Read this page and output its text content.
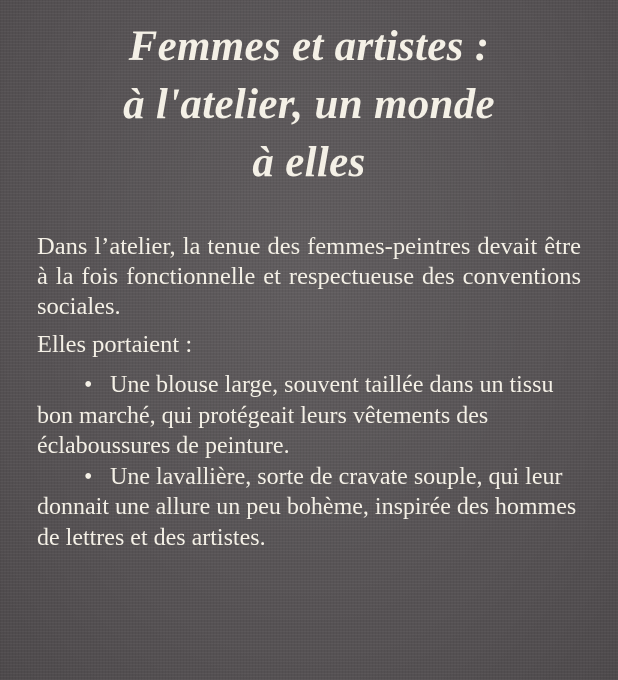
Femmes et artistes :
à l'atelier, un monde
à elles

Dans l’atelier, la tenue des femmes-peintres devait être à la fois fonctionnelle et respectueuse des conventions sociales.

Elles portaient :

• Une blouse large, souvent taillée dans un tissu bon marché, qui protégeait leurs vêtements des éclaboussures de peinture.

• Une lavallière, sorte de cravate souple, qui leur donnait une allure un peu bohème, inspirée des hommes de lettres et des artistes.
